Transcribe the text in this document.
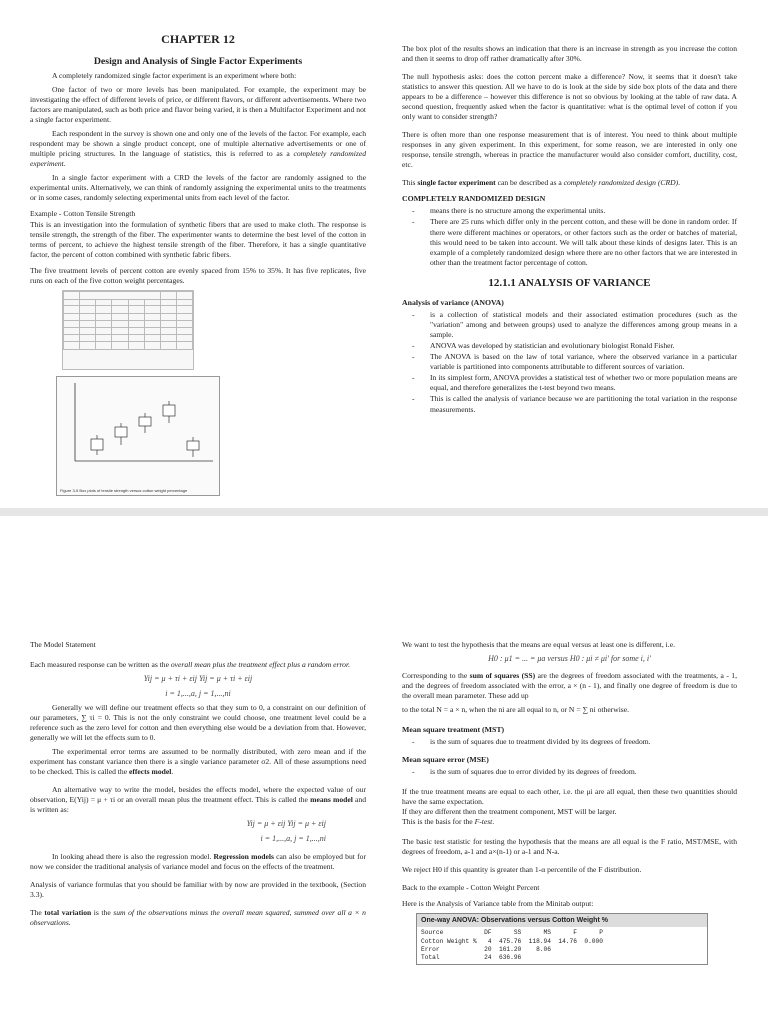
CHAPTER 12
Design and Analysis of Single Factor Experiments

A completely randomized single factor experiment is an experiment where both:

One factor of two or more levels has been manipulated. For example, the experiment may be investigating the effect of different levels of price, or different flavors, or different advertisements. Where two factors are manipulated, such as both price and flavor being varied, it is then a Multifactor Experiment and not a single factor experiment.

Each respondent in the survey is shown one and only one of the levels of the factor. For example, each respondent may be shown a single product concept, one of multiple alternative advertisements or one of multiple pricing structures. In the language of statistics, this is referred to as a completely randomized experiment.

In a single factor experiment with a CRD the levels of the factor are randomly assigned to the experimental units. Alternatively, we can think of randomly assigning the experimental units to the treatments or in some cases, randomly selecting experimental units from each level of the factor.

Example - Cotton Tensile Strength

This is an investigation into the formulation of synthetic fibers that are used to make cloth. The response is tensile strength, the strength of the fiber. The experimenter wants to determine the best level of the cotton in terms of percent, to achieve the highest tensile strength of the fiber. Therefore, it has a single quantitative factor, the percent of cotton combined with synthetic fabric fibers.

The five treatment levels of percent cotton are evenly spaced from 15% to 35%. It has five replicates, five runs on each of the five cotton weight percentages.

Figure 3-5 Box plots of tensile strength versus cotton weight percentage

The box plot of the results shows an indication that there is an increase in strength as you increase the cotton and then it seems to drop off rather dramatically after 30%.

The null hypothesis asks: does the cotton percent make a difference? Now, it seems that it doesn't take statistics to answer this question. All we have to do is look at the side by side box plots of the data and there appears to be a difference – however this difference is not so obvious by looking at the table of raw data. A second question, frequently asked when the factor is quantitative: what is the optimal level of cotton if you only want to consider strength?

There is often more than one response measurement that is of interest. You need to think about multiple responses in any given experiment. In this experiment, for some reason, we are interested in only one response, tensile strength, whereas in practice the manufacturer would also consider comfort, ductility, cost, etc.

This single factor experiment can be described as a completely randomized design (CRD).

COMPLETELY RANDOMIZED DESIGN
- means there is no structure among the experimental units.
- There are 25 runs which differ only in the percent cotton, and these will be done in random order. If there were different machines or operators, or other factors such as the order or batches of material, this would need to be taken into account. We will talk about these kinds of designs later. This is an example of a completely randomized design where there are no other factors that we are interested in other than the treatment factor percentage of cotton.
12.1.1 ANALYSIS OF VARIANCE
Analysis of variance (ANOVA)
- is a collection of statistical models and their associated estimation procedures (such as the "variation" among and between groups) used to analyze the differences among group means in a sample.
- ANOVA was developed by statistician and evolutionary biologist Ronald Fisher.
- The ANOVA is based on the law of total variance, where the observed variance in a particular variable is partitioned into components attributable to different sources of variation.
- In its simplest form, ANOVA provides a statistical test of whether two or more population means are equal, and therefore generalizes the t-test beyond two means.
- This is called the analysis of variance because we are partitioning the total variation in the response measurements.

The Model Statement

Each measured response can be written as the overall mean plus the treatment effect plus a random error.

Yij = μ + τi + εij Yij = μ + τi + εij
i = 1,...,a, j = 1,...,ni

Generally we will define our treatment effects so that they sum to 0, a constraint on our definition of our parameters, ∑ τi = 0. This is not the only constraint we could choose, one treatment level could be a reference such as the zero level for cotton and then everything else would be a deviation from that. However, generally we will let the effects sum to 0.

The experimental error terms are assumed to be normally distributed, with zero mean and if the experiment has constant variance then there is a single variance parameter σ2. All of these assumptions need to be checked. This is called the effects model.

An alternative way to write the model, besides the effects model, where the expected value of our observation, E(Yij) = μ + τi or an overall mean plus the treatment effect. This is called the means model and is written as:

Yij = μ + εij Yij = μ + εij
i = 1,...,a, j = 1,...,ni

In looking ahead there is also the regression model. Regression models can also be employed but for now we consider the traditional analysis of variance model and focus on the effects of the treatment.

Analysis of variance formulas that you should be familiar with by now are provided in the textbook, (Section 3.3).

The total variation is the sum of the observations minus the overall mean squared, summed over all a × n observations.

We want to test the hypothesis that the means are equal versus at least one is different, i.e.

H0 : μ1 = ... = μa versus H0 : μi ≠ μi′ for some i, i′

Corresponding to the sum of squares (SS) are the degrees of freedom associated with the treatments, a - 1, and the degrees of freedom associated with the error, a × (n - 1), and finally one degree of freedom is due to the overall mean parameter. These add up

to the total N = a × n, when the ni are all equal to n, or N = ∑ ni otherwise.

Mean square treatment (MST)
- is the sum of squares due to treatment divided by its degrees of freedom.
Mean square error (MSE)
- is the sum of squares due to error divided by its degrees of freedom.

If the true treatment means are equal to each other, i.e. the μi are all equal, then these two quantities should have the same expectation.

If they are different then the treatment component, MST will be larger.

This is the basis for the F-test.

The basic test statistic for testing the hypothesis that the means are all equal is the F ratio, MST/MSE, with degrees of freedom, a-1 and a×(n-1) or a-1 and N-a.

We reject H0 if this quantity is greater than 1-α percentile of the F distribution.

Back to the example - Cotton Weight Percent

Here is the Analysis of Variance table from the Minitab output:

One-way ANOVA: Observations versus Cotton Weight %
Source           DF      SS      MS      F      P
Cotton Weight %   4  475.76  118.94  14.76  0.000
Error            20  161.20    8.06
Total            24  636.96
